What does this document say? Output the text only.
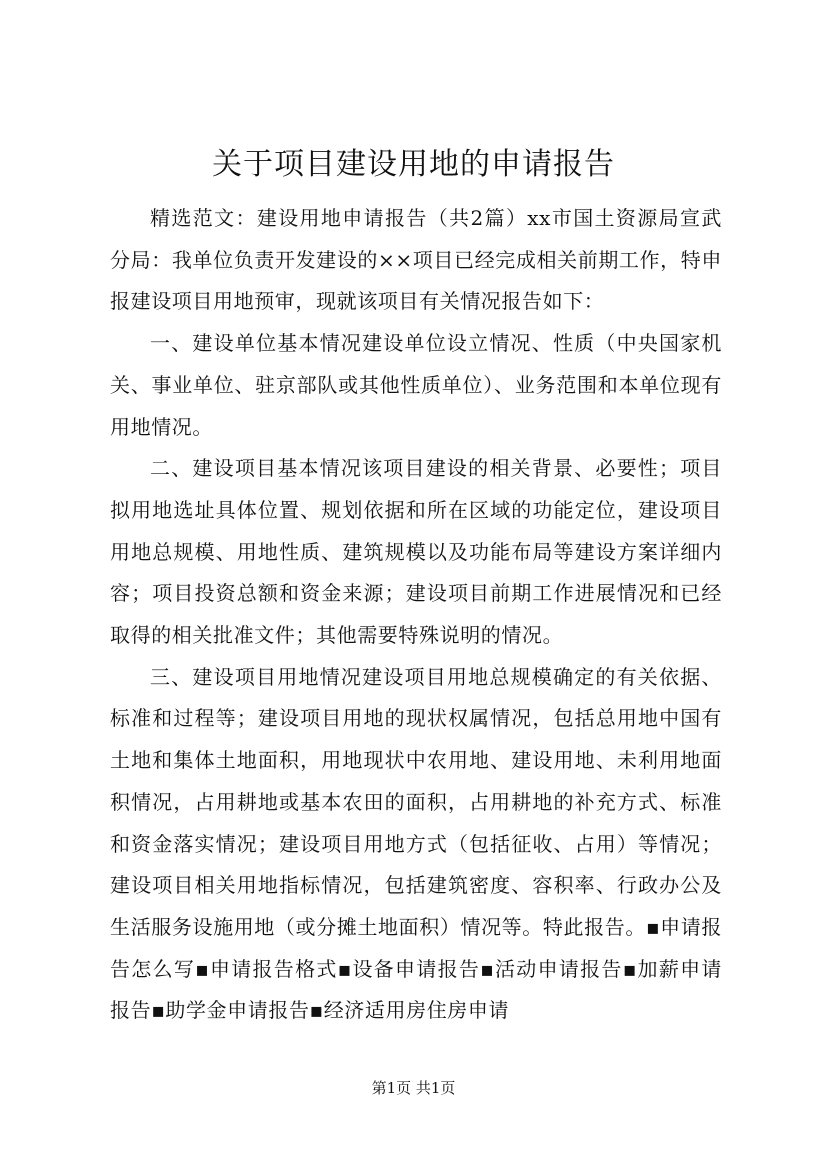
关于项目建设用地的申请报告

精选范文：建设用地申请报告（共2篇）xx市国土资源局宣武分局：我单位负责开发建设的××项目已经完成相关前期工作，特申报建设项目用地预审，现就该项目有关情况报告如下：

一、建设单位基本情况建设单位设立情况、性质（中央国家机关、事业单位、驻京部队或其他性质单位）、业务范围和本单位现有用地情况。

二、建设项目基本情况该项目建设的相关背景、必要性；项目拟用地选址具体位置、规划依据和所在区域的功能定位，建设项目用地总规模、用地性质、建筑规模以及功能布局等建设方案详细内容；项目投资总额和资金来源；建设项目前期工作进展情况和已经取得的相关批准文件；其他需要特殊说明的情况。

三、建设项目用地情况建设项目用地总规模确定的有关依据、标准和过程等；建设项目用地的现状权属情况，包括总用地中国有土地和集体土地面积，用地现状中农用地、建设用地、未利用地面积情况，占用耕地或基本农田的面积，占用耕地的补充方式、标准和资金落实情况；建设项目用地方式（包括征收、占用）等情况；建设项目相关用地指标情况，包括建筑密度、容积率、行政办公及生活服务设施用地（或分摊土地面积）情况等。特此报告。▪申请报告怎么写▪申请报告格式▪设备申请报告▪活动申请报告▪加薪申请报告▪助学金申请报告▪经济适用房住房申请

第1页 共1页
